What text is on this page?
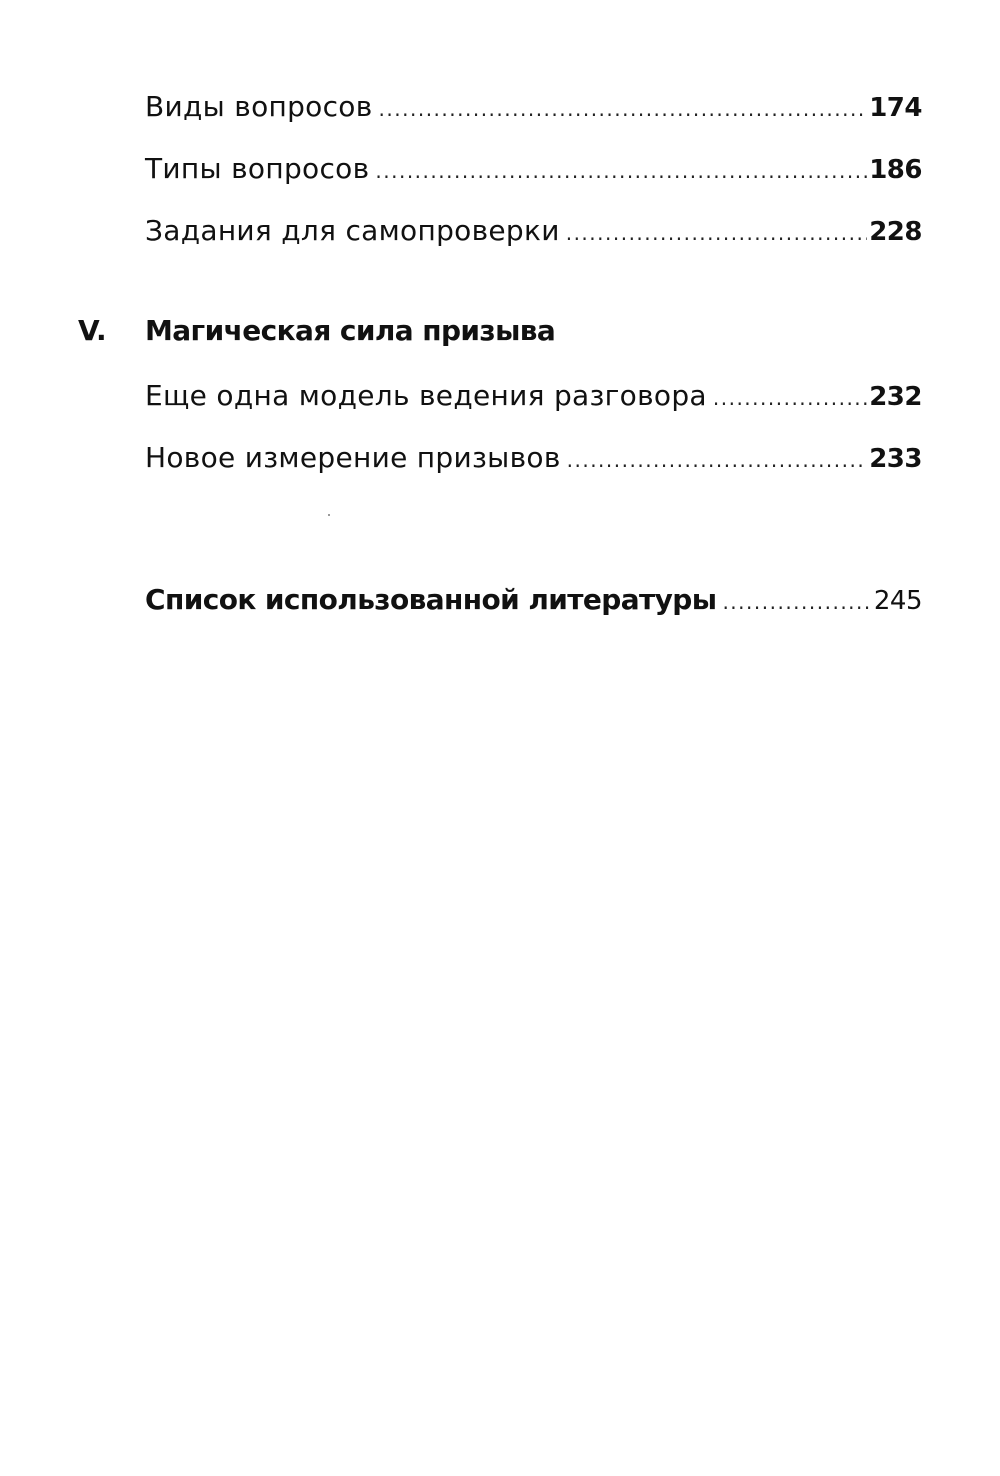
Виды вопросов .....	174
Типы вопросов .....	186
Задания для самопроверки .....	228
V.	Магическая сила призыва
Еще одна модель ведения разговора .....	232
Новое измерение призывов .....	233
Список использованной литературы .....	245
